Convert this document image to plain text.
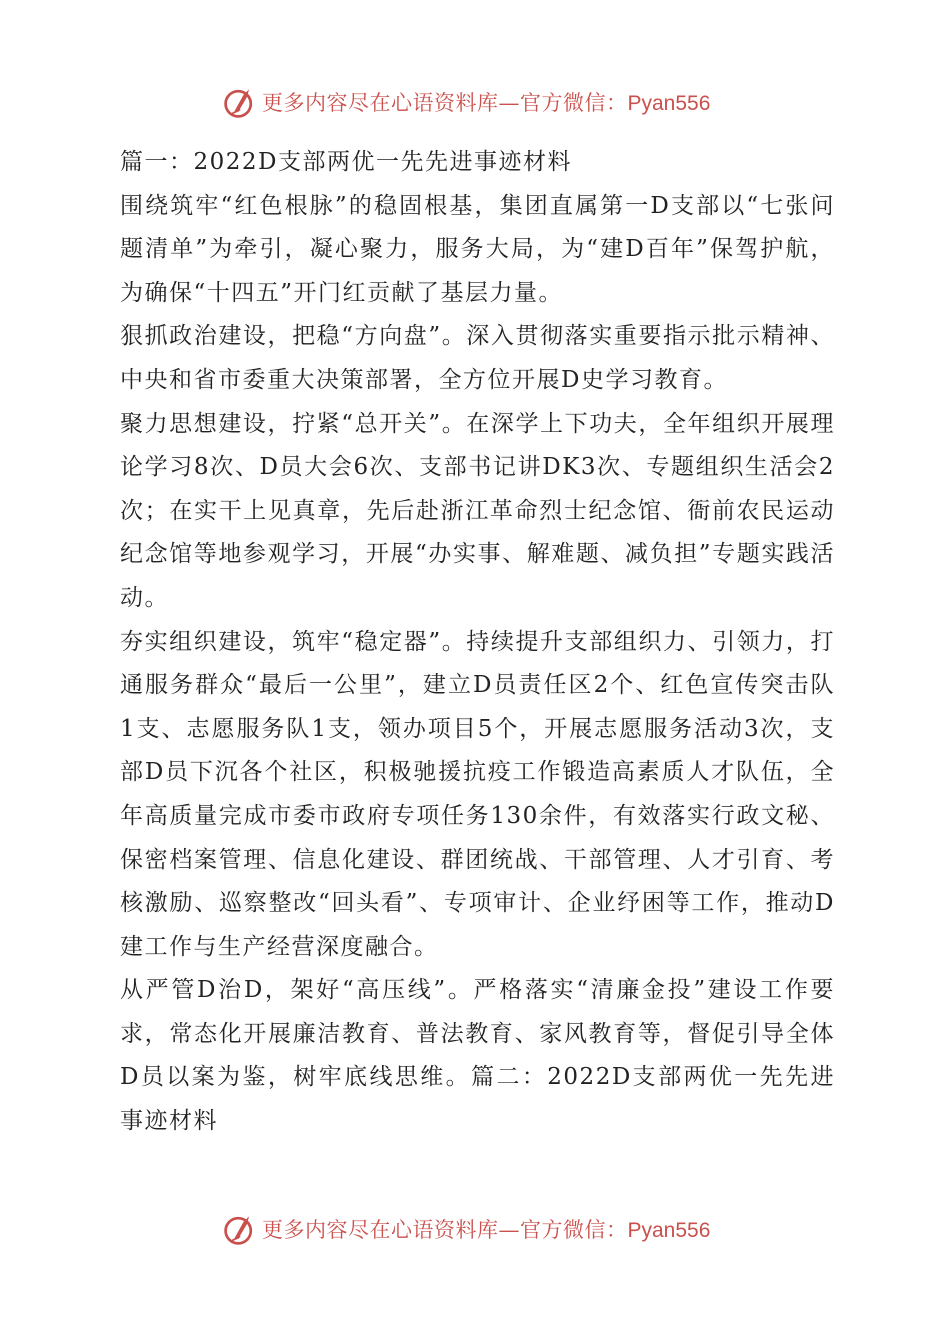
更多内容尽在心语资料库—官方微信：Pyan556

篇一：2022D支部两优一先先进事迹材料

围绕筑牢“红色根脉”的稳固根基，集团直属第一D支部以“七张问题清单”为牵引，凝心聚力，服务大局，为“建D百年”保驾护航，为确保“十四五”开门红贡献了基层力量。

狠抓政治建设，把稳“方向盘”。深入贯彻落实重要指示批示精神、中央和省市委重大决策部署，全方位开展D史学习教育。

聚力思想建设，拧紧“总开关”。在深学上下功夫，全年组织开展理论学习8次、D员大会6次、支部书记讲DK3次、专题组织生活会2次；在实干上见真章，先后赴浙江革命烈士纪念馆、衙前农民运动纪念馆等地参观学习，开展“办实事、解难题、减负担”专题实践活动。

夯实组织建设，筑牢“稳定器”。持续提升支部组织力、引领力，打通服务群众“最后一公里”，建立D员责任区2个、红色宣传突击队1支、志愿服务队1支，领办项目5个，开展志愿服务活动3次，支部D员下沉各个社区，积极驰援抗疫工作锻造高素质人才队伍，全年高质量完成市委市政府专项任务130余件，有效落实行政文秘、保密档案管理、信息化建设、群团统战、干部管理、人才引育、考核激励、巡察整改“回头看”、专项审计、企业纾困等工作，推动D建工作与生产经营深度融合。

从严管D治D，架好“高压线”。严格落实“清廉金投”建设工作要求，常态化开展廉洁教育、普法教育、家风教育等，督促引导全体D员以案为鉴，树牢底线思维。篇二：2022D支部两优一先先进事迹材料

更多内容尽在心语资料库—官方微信：Pyan556
